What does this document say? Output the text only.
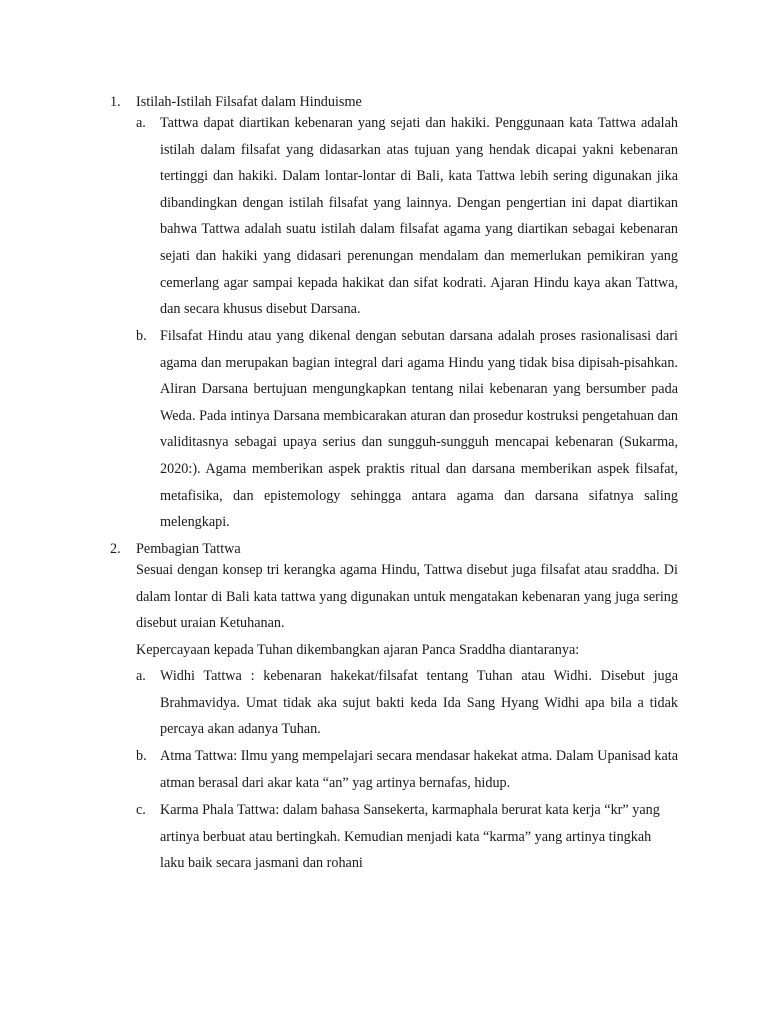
1. Istilah-Istilah Filsafat dalam Hinduisme
a. Tattwa dapat diartikan kebenaran yang sejati dan hakiki. Penggunaan kata Tattwa adalah istilah dalam filsafat yang didasarkan atas tujuan yang hendak dicapai yakni kebenaran tertinggi dan hakiki. Dalam lontar-lontar di Bali, kata Tattwa lebih sering digunakan jika dibandingkan dengan istilah filsafat yang lainnya. Dengan pengertian ini dapat diartikan bahwa Tattwa adalah suatu istilah dalam filsafat agama yang diartikan sebagai kebenaran sejati dan hakiki yang didasari perenungan mendalam dan memerlukan pemikiran yang cemerlang agar sampai kepada hakikat dan sifat kodrati. Ajaran Hindu kaya akan Tattwa, dan secara khusus disebut Darsana.

b. Filsafat Hindu atau yang dikenal dengan sebutan darsana adalah proses rasionalisasi dari agama dan merupakan bagian integral dari agama Hindu yang tidak bisa dipisah-pisahkan. Aliran Darsana bertujuan mengungkapkan tentang nilai kebenaran yang bersumber pada Weda. Pada intinya Darsana membicarakan aturan dan prosedur kostruksi pengetahuan dan validitasnya sebagai upaya serius dan sungguh-sungguh mencapai kebenaran (Sukarma, 2020:). Agama memberikan aspek praktis ritual dan darsana memberikan aspek filsafat, metafisika, dan epistemology sehingga antara agama dan darsana sifatnya saling melengkapi.

2. Pembagian Tattwa

Sesuai dengan konsep tri kerangka agama Hindu, Tattwa disebut juga filsafat atau sraddha. Di dalam lontar di Bali kata tattwa yang digunakan untuk mengatakan kebenaran yang juga sering disebut uraian Ketuhanan.

Kepercayaan kepada Tuhan dikembangkan ajaran Panca Sraddha diantaranya:

a. Widhi Tattwa : kebenaran hakekat/filsafat tentang Tuhan atau Widhi. Disebut juga Brahmavidya. Umat tidak aka sujut bakti keda Ida Sang Hyang Widhi apa bila a tidak percaya akan adanya Tuhan.

b. Atma Tattwa: Ilmu yang mempelajari secara mendasar hakekat atma. Dalam Upanisad kata atman berasal dari akar kata “an” yag artinya bernafas, hidup.

c. Karma Phala Tattwa: dalam bahasa Sansekerta, karmaphala berurat kata kerja “kr” yang artinya berbuat atau bertingkah. Kemudian menjadi kata “karma” yang artinya tingkah laku baik secara jasmani dan rohani
